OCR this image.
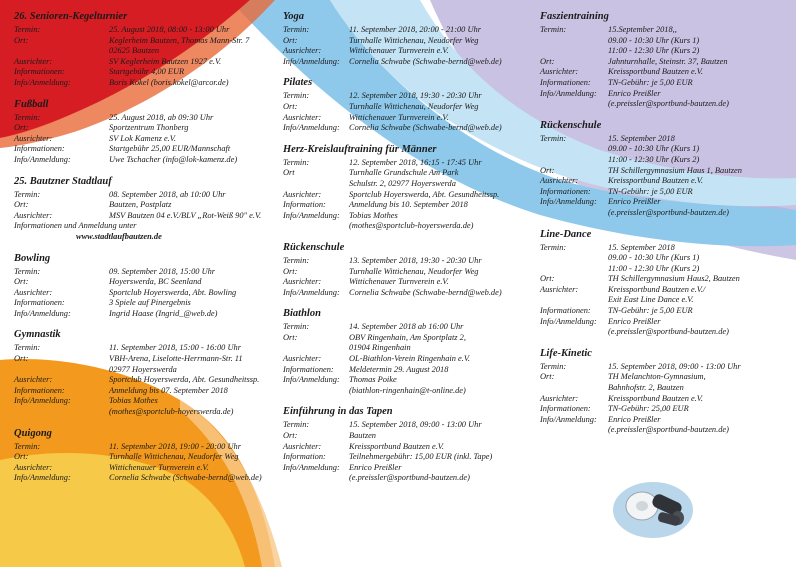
26. Senioren-Kegelturnier
Termin:	25. August 2018, 08:00 - 13:00 Uhr
Ort:	Keglerheim Bautzen, Thomas Mann-Str. 7
02625 Bautzen
Ausrichter:	SV Keglerheim Bautzen 1927 e.V.
Informationen:	Startgebühr 4,00 EUR
Info/Anmeldung:	Boris Kokel (boris.kokel@arcor.de)
Fußball
Termin:	25. August 2018, ab 09:30 Uhr
Ort:	Sportzentrum Thonberg
Ausrichter:	SV Lok Kamenz e.V.
Informationen:	Startgebühr 25,00 EUR/Mannschaft
Info/Anmeldung:	Uwe Tschacher (info@lok-kamenz.de)
25. Bautzner Stadtlauf
Termin:	08. September 2018, ab 10:00 Uhr
Ort:	Bautzen, Postplatz
Ausrichter:	MSV Bautzen 04 e.V./BLV „Rot-Weiß 90" e.V.
Informationen und Anmeldung unter
www.stadtlaufbautzen.de
Bowling
Termin:	09. September 2018, 15:00 Uhr
Ort:	Hoyerswerda, BC Seenland
Ausrichter:	Sportclub Hoyerswerda, Abt. Bowling
Informationen:	3 Spiele auf Pinergebnis
Info/Anmeldung:	Ingrid Haase (Ingrid_@web.de)
Gymnastik
Termin:	11. September 2018, 15:00 - 16:00 Uhr
Ort:	VBH-Arena, Liselotte-Herrmann-Str. 11
02977 Hoyerswerda
Ausrichter:	Sportclub Hoyerswerda, Abt. Gesundheitssp.
Informationen:	Anmeldung bis 07. September 2018
Info/Anmeldung:	Tobias Mothes
(mothes@sportclub-hoyerswerda.de)
Quigong
Termin:	11. September 2018, 19:00 - 20:00 Uhr
Ort:	Turnhalle Wittichenau, Neudorfer Weg
Ausrichter:	Wittichenauer Turnverein e.V.
Info/Anmeldung:	Cornelia Schwabe (Schwabe-bernd@web.de)
Yoga
Termin:	11. September 2018, 20:00 - 21:00 Uhr
Ort:	Turnhalle Wittichenau, Neudorfer Weg
Ausrichter:	Wittichenauer Turnverein e.V.
Info/Anmeldung:	Cornelia Schwabe (Schwabe-bernd@web.de)
Pilates
Termin:	12. September 2018, 19:30 - 20:30 Uhr
Ort:	Turnhalle Wittichenau, Neudorfer Weg
Ausrichter:	Wittichenauer Turnverein e.V.
Info/Anmeldung:	Cornelia Schwabe (Schwabe-bernd@web.de)
Herz-Kreislauftraining für Männer
Termin:	12. September 2018, 16:15 - 17:45 Uhr
Ort	Turnhalle Grundschule Am Park
Schulstr. 2, 02977 Hoyerswerda
Ausrichter:	Sportclub Hoyerswerda, Abt. Gesundheitssp.
Information:	Anmeldung bis 10. September 2018
Info/Anmeldung:	Tobias Mothes
(mothes@sportclub-hoyerswerda.de)
Rückenschule
Termin:	13. September 2018, 19:30 - 20:30 Uhr
Ort:	Turnhalle Wittichenau, Neudorfer Weg
Ausrichter:	Wittichenauer Turnverein e.V.
Info/Anmeldung:	Cornelia Schwabe (Schwabe-bernd@web.de)
Biathlon
Termin:	14. September 2018 ab 16:00 Uhr
Ort:	OBV Ringenhain, Am Sportplatz 2,
01904 Ringenhain
Ausrichter:	OL-Biathlon-Verein Ringenhain e.V.
Informationen:	Meldetermin 29. August 2018
Info/Anmeldung:	Thomas Poike
(biathlon-ringenhain@t-online.de)
Einführung in das Tapen
Termin:	15. September 2018, 09:00 - 13:00 Uhr
Ort:	Bautzen
Ausrichter:	Kreissportbund Bautzen e.V.
Information:	Teilnehmergebühr: 15,00 EUR (inkl. Tape)
Info/Anmeldung:	Enrico Preißler
(e.preissler@sportbund-bautzen.de)
Faszientraining
Termin:	15.September 2018,,
09.00 - 10:30 Uhr (Kurs 1)
11:00 - 12:30 Uhr (Kurs 2)
Ort:	Jahnturnhalle, Steinstr. 37, Bautzen
Ausrichter:	Kreissportbund Bautzen e.V.
Informationen:	TN-Gebühr: je 5,00 EUR
Info/Anmeldung:	Enrico Preißler
(e.preissler@sportbund-bautzen.de)
Rückenschule
Termin:	15. September 2018
09.00 - 10:30 Uhr (Kurs 1)
11:00 - 12:30 Uhr (Kurs 2)
Ort:	TH Schillergymnasium Haus 1, Bautzen
Ausrichter:	Kreissportbund Bautzen e.V.
Informationen:	TN-Gebühr: je 5,00 EUR
Info/Anmeldung:	Enrico Preißler
(e.preissler@sportbund-bautzen.de)
Line-Dance
Termin:	15. September 2018
09.00 - 10:30 Uhr (Kurs 1)
11:00 - 12:30 Uhr (Kurs 2)
Ort:	TH Schillergymnasium Haus2, Bautzen
Ausrichter:	Kreissportbund Bautzen e.V./
Exit East Line Dance e.V.
Informationen:	TN-Gebühr: je 5,00 EUR
Info/Anmeldung:	Enrico Preißler
(e.preissler@sportbund-bautzen.de)
Life-Kinetic
Termin:	15. September 2018, 09:00 - 13:00 Uhr
Ort:	TH Melanchton-Gymnasium,
Bahnhofstr. 2, Bautzen
Ausrichter:	Kreissportbund Bautzen e.V.
Informationen:	TN-Gebühr: 25,00 EUR
Info/Anmeldung:	Enrico Preißler
(e.preissler@sportbund-bautzen.de)
